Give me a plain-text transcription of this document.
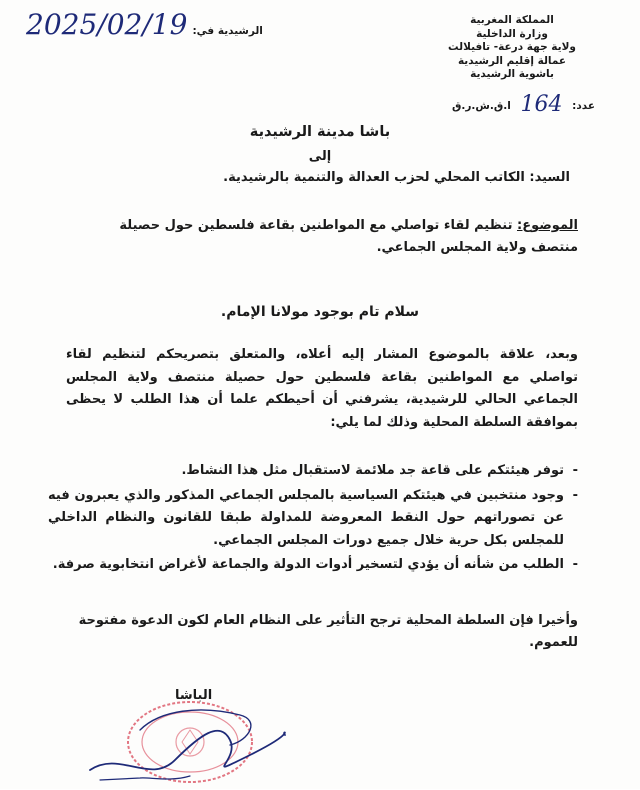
المملكة المغربية
وزارة الداخلية
ولاية جهة درعة- تافيلالت
عمالة إقليم الرشيدية
باشوية الرشيدية
عدد: 164 ا.ق.ش.ر.ق
2025/02/19 الرشيدية في:
باشا مدينة الرشيدية
إلى
السيد: الكاتب المحلي لحزب العدالة والتنمية بالرشيدية.
الموضوع: تنظيم لقاء تواصلي مع المواطنين بقاعة فلسطين حول حصيلة منتصف ولاية المجلس الجماعي.
سلام تام بوجود مولانا الإمام.
وبعد، علاقة بالموضوع المشار إليه أعلاه، والمتعلق بتصريحكم لتنظيم لقاء تواصلي مع المواطنين بقاعة فلسطين حول حصيلة منتصف ولاية المجلس الجماعي الحالي للرشيدية، يشرفني أن أحيطكم علما أن هذا الطلب لا يحظى بموافقة السلطة المحلية وذلك لما يلي:
-
توفر هيئتكم على قاعة جد ملائمة لاستقبال مثل هذا النشاط.
-
وجود منتخبين في هيئتكم السياسية بالمجلس الجماعي المذكور والذي يعبرون فيه عن تصوراتهم حول النقط المعروضة للمداولة طبقا للقانون والنظام الداخلي للمجلس بكل حرية خلال جميع دورات المجلس الجماعي.
-
الطلب من شأنه أن يؤدي لتسخير أدوات الدولة والجماعة لأغراض انتخابوية صرفة.
وأخيرا فإن السلطة المحلية ترجح التأثير على النظام العام لكون الدعوة مفتوحة للعموم.
الباشا
